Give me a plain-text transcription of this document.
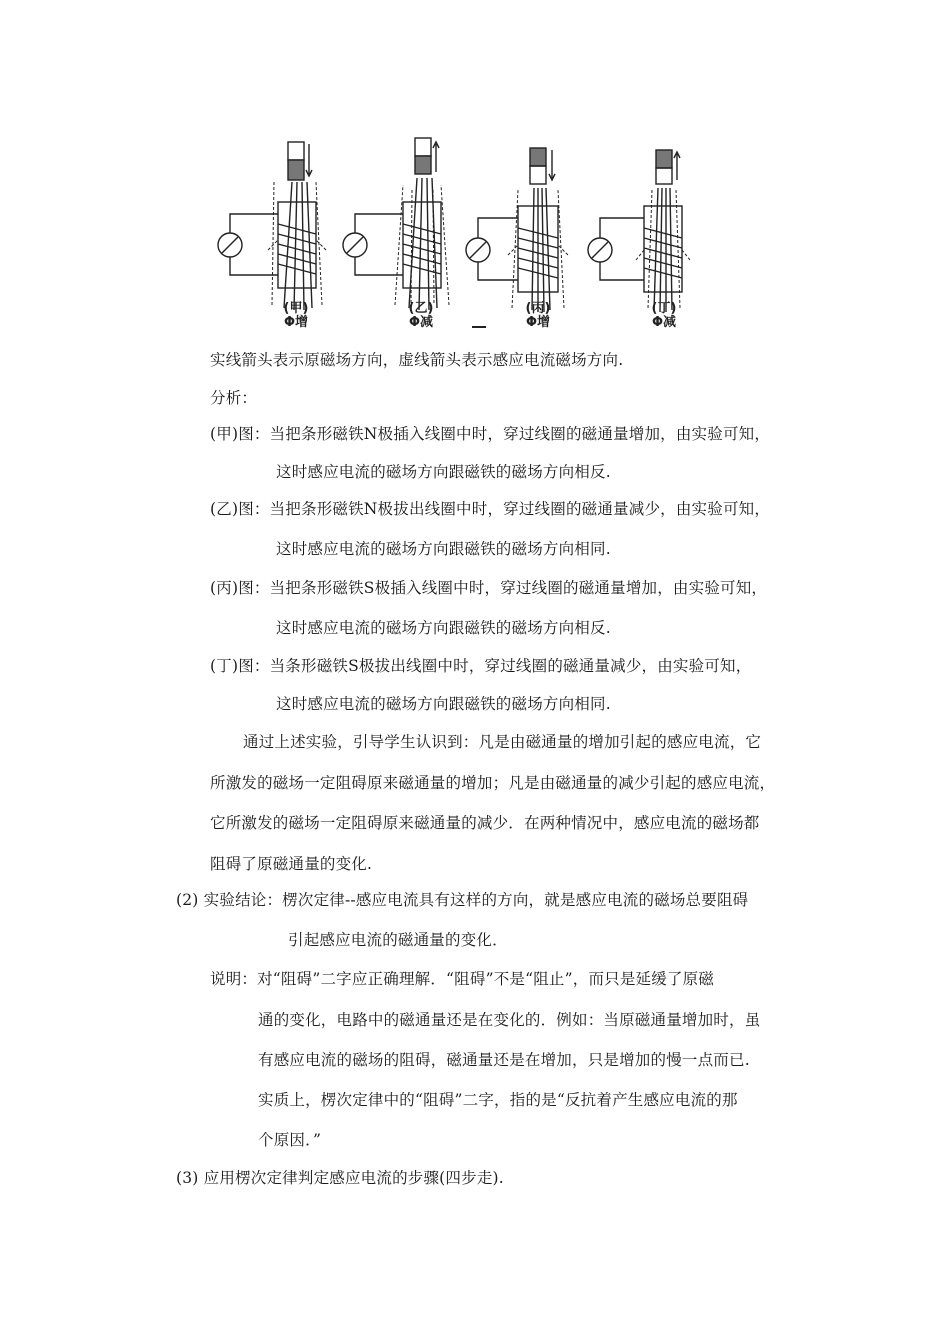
(甲)
Φ增
(乙)
Φ减
(丙)
Φ增
(丁)
Φ减
实线箭头表示原磁场方向，虚线箭头表示感应电流磁场方向.
分析：
(甲)图：当把条形磁铁N极插入线圈中时，穿过线圈的磁通量增加，由实验可知，
这时感应电流的磁场方向跟磁铁的磁场方向相反.
(乙)图：当把条形磁铁N极拔出线圈中时，穿过线圈的磁通量减少，由实验可知，
这时感应电流的磁场方向跟磁铁的磁场方向相同.
(丙)图：当把条形磁铁S极插入线圈中时，穿过线圈的磁通量增加，由实验可知，
这时感应电流的磁场方向跟磁铁的磁场方向相反.
(丁)图：当条形磁铁S极拔出线圈中时，穿过线圈的磁通量减少，由实验可知，
这时感应电流的磁场方向跟磁铁的磁场方向相同.
通过上述实验，引导学生认识到：凡是由磁通量的增加引起的感应电流，它
所激发的磁场一定阻碍原来磁通量的增加；凡是由磁通量的减少引起的感应电流，
它所激发的磁场一定阻碍原来磁通量的减少．在两种情况中，感应电流的磁场都
阻碍了原磁通量的变化.
(2) 实验结论：楞次定律--感应电流具有这样的方向，就是感应电流的磁场总要阻碍
引起感应电流的磁通量的变化．
说明：对“阻碍”二字应正确理解．“阻碍”不是“阻止”，而只是延缓了原磁
通的变化，电路中的磁通量还是在变化的．例如：当原磁通量增加时，虽
有感应电流的磁场的阻碍，磁通量还是在增加，只是增加的慢一点而已.
实质上，楞次定律中的“阻碍”二字，指的是“反抗着产生感应电流的那
个原因．”
(3) 应用楞次定律判定感应电流的步骤(四步走).
